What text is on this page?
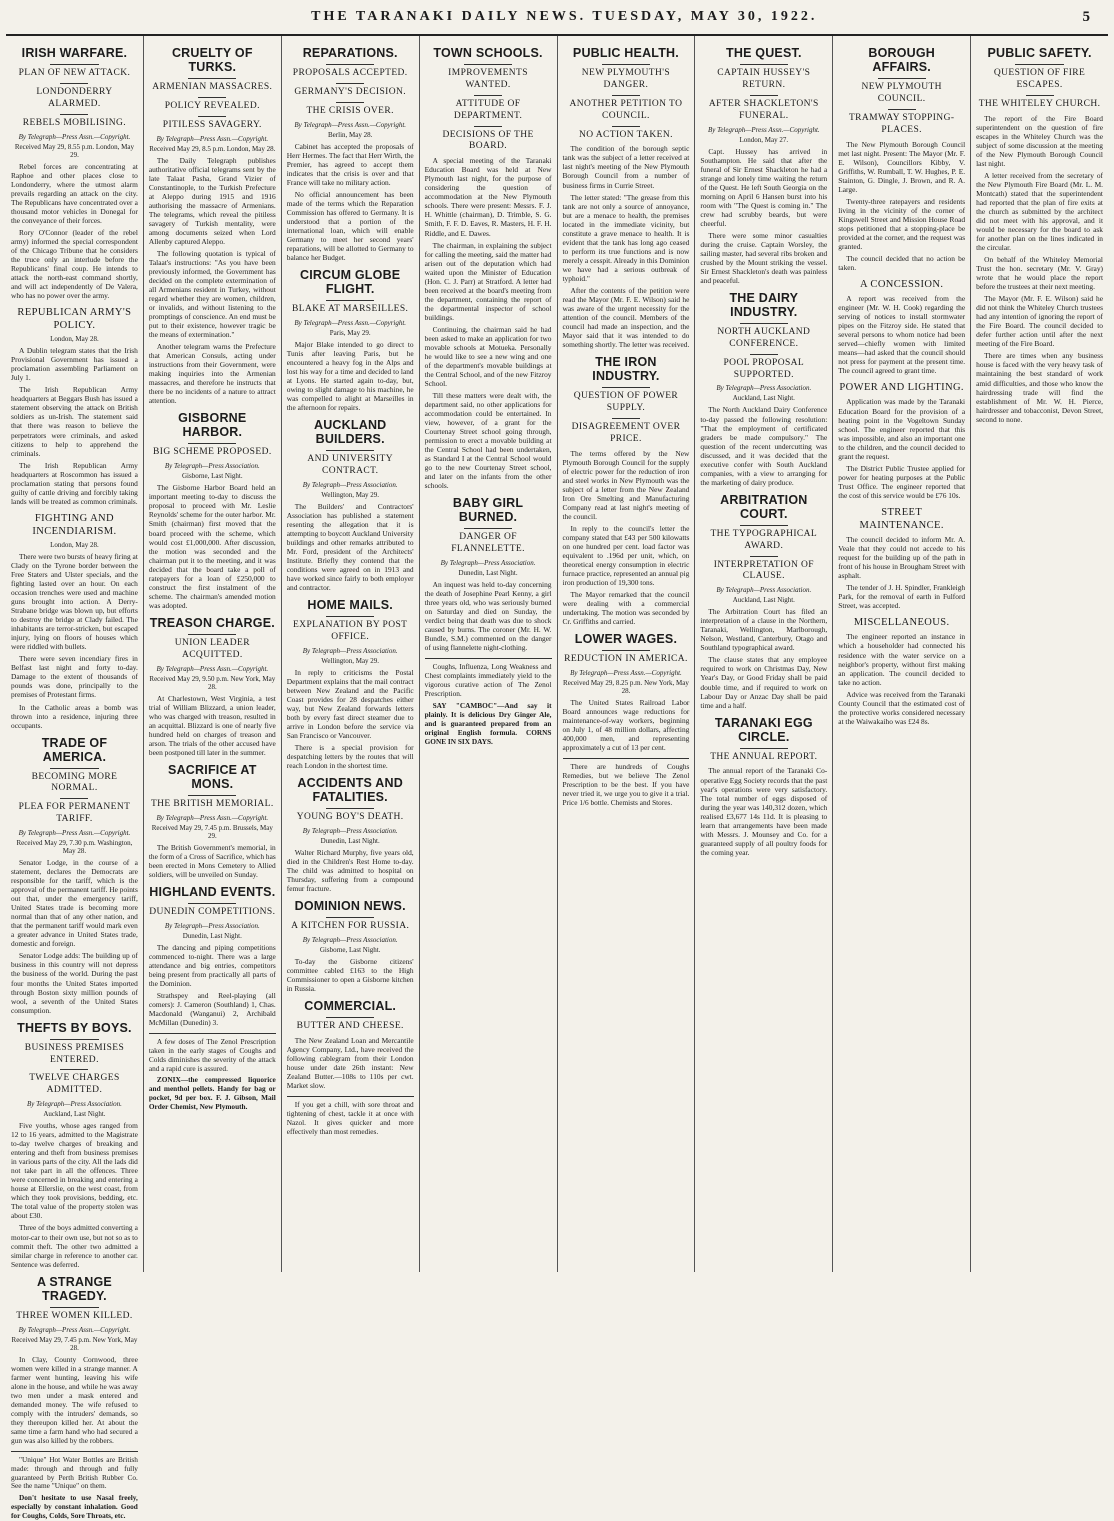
THE TARANAKI DAILY NEWS. TUESDAY, MAY 30, 1922.	5
IRISH WARFARE.
PLAN OF NEW ATTACK.
LONDONDERRY ALARMED.
REBELS MOBILISING.
By Telegraph—Press Assn.—Copyright.
Received May 29, 8.55 p.m. London, May 29.

Rebel forces are concentrating at Raphoe and other places close to Londonderry, where the utmost alarm prevails regarding an attack on the city. The Republicans have concentrated over a thousand motor vehicles in Donegal for the conveyance of their forces.

Rory O'Connor (leader of the rebel army) informed the special correspondent of the Chicago Tribune that he considers the truce only an interlude before the Republicans' final coup. He intends to attack the north-east command shortly, and will act independently of De Valera, who has no power over the army.

REPUBLICAN ARMY'S POLICY.
London, May 28.

A Dublin telegram states that the Irish Provisional Government has issued a proclamation assembling Parliament on July 1.

The Irish Republican Army headquarters at Beggars Bush has issued a statement observing the attack on British soldiers as un-Irish. The statement said that there was reason to believe the perpetrators were criminals, and asked citizens to help to apprehend the criminals.

The Irish Republican Army headquarters at Roscommon has issued a proclamation stating that persons found guilty of cattle driving and forcibly taking lands will be treated as common criminals.

FIGHTING AND INCENDIARISM.
London, May 28.

There were two bursts of heavy firing at Clady on the Tyrone border between the Free Staters and Ulster specials, and the fighting lasted over an hour. On each occasion trenches were used and machine guns brought into action. A Derry-Strabane bridge was blown up, but efforts to destroy the bridge at Clady failed. The inhabitants are terror-stricken, but escaped injury, lying on floors of houses which were riddled with bullets.

There were seven incendiary fires in Belfast last night and forty to-day. Damage to the extent of thousands of pounds was done, principally to the premises of Protestant firms.

In the Catholic areas a bomb was thrown into a residence, injuring three occupants.

TRADE OF AMERICA.
BECOMING MORE NORMAL.
PLEA FOR PERMANENT TARIFF.
By Telegraph—Press Assn.—Copyright.
Received May 29, 7.30 p.m. Washington, May 28.

Senator Lodge, in the course of a statement, declares the Democrats are responsible for the tariff, which is the approval of the permanent tariff. He points out that, under the emergency tariff, United States trade is becoming more normal than that of any other nation, and that the permanent tariff would mark even a greater advance in United States trade, domestic and foreign.

Senator Lodge adds: The building up of business in this country will not depress the business of the world. During the past four months the United States imported through Boston sixty million pounds of wool, a seventh of the United States consumption.

THEFTS BY BOYS.
BUSINESS PREMISES ENTERED.
TWELVE CHARGES ADMITTED.
By Telegraph—Press Association.
Auckland, Last Night.

Five youths, whose ages ranged from 12 to 16 years, admitted to the Magistrate to-day twelve charges of breaking and entering and theft from business premises in various parts of the city. All the lads did not take part in all the offences. Three were concerned in breaking and entering a house at Ellerslie, on the west coast, from which they took provisions, bedding, etc. The total value of the property stolen was about £30.

Three of the boys admitted converting a motor-car to their own use, but not so as to commit theft. The other two admitted a similar charge in reference to another car. Sentence was deferred.

A STRANGE TRAGEDY.
THREE WOMEN KILLED.
By Telegraph—Press Assn.—Copyright.
Received May 29, 7.45 p.m. New York, May 28.

In Clay, County Cornwood, three women were killed in a strange manner. A farmer went hunting, leaving his wife alone in the house, and while he was away two men under a mask entered and demanded money. The wife refused to comply with the intruders' demands, so they thereupon killed her. At about the same time a farm hand who had secured a gun was also killed by the robbers.

"Unique" Hot Water Bottles are British made: through and through and fully guaranteed by Perth British Rubber Co. See the name "Unique" on them.

Don't hesitate to use Nasal freely, especially by constant inhalation. Good for Coughs, Colds, Sore Throats, etc.

CRUELTY OF TURKS.
ARMENIAN MASSACRES.
POLICY REVEALED.
PITILESS SAVAGERY.
By Telegraph—Press Assn.—Copyright.
Received May 29, 8.5 p.m. London, May 28.

The Daily Telegraph publishes authoritative official telegrams sent by the late Talaat Pasha, Grand Vizier of Constantinople, to the Turkish Prefecture at Aleppo during 1915 and 1916 authorising the massacre of Armenians. The telegrams, which reveal the pitiless savagery of Turkish mentality, were among documents seized when Lord Allenby captured Aleppo.

The following quotation is typical of Talaat's instructions: "As you have been previously informed, the Government has decided on the complete extermination of all Armenians resident in Turkey, without regard whether they are women, children, or invalids, and without listening to the promptings of conscience. An end must be put to their existence, however tragic be the means of extermination."

Another telegram warns the Prefecture that American Consuls, acting under instructions from their Government, were making inquiries into the Armenian massacres, and therefore he instructs that there be no incidents of a nature to attract attention.

GISBORNE HARBOR.
BIG SCHEME PROPOSED.
By Telegraph—Press Association.
Gisborne, Last Night.

The Gisborne Harbor Board held an important meeting to-day to discuss the proposal to proceed with Mr. Leslie Reynolds' scheme for the outer harbor. Mr. Smith (chairman) first moved that the board proceed with the scheme, which would cost £1,000,000. After discussion, the motion was seconded and the chairman put it to the meeting, and it was decided that the board take a poll of ratepayers for a loan of £250,000 to construct the first instalment of the scheme. The chairman's amended motion was adopted.

TREASON CHARGE.
UNION LEADER ACQUITTED.
By Telegraph—Press Assn.—Copyright.
Received May 29, 9.50 p.m. New York, May 28.

At Charlestown, West Virginia, a test trial of William Blizzard, a union leader, who was charged with treason, resulted in an acquittal. Blizzard is one of nearly five hundred held on charges of treason and arson. The trials of the other accused have been postponed till later in the summer.

SACRIFICE AT MONS.
THE BRITISH MEMORIAL.
By Telegraph—Press Assn.—Copyright.
Received May 29, 7.45 p.m. Brussels, May 29.

The British Government's memorial, in the form of a Cross of Sacrifice, which has been erected in Mons Cemetery to Allied soldiers, will be unveiled on Sunday.

HIGHLAND EVENTS.
DUNEDIN COMPETITIONS.
By Telegraph—Press Association.
Dunedin, Last Night.

The dancing and piping competitions commenced to-night. There was a large attendance and big entries, competitors being present from practically all parts of the Dominion.

Strathspey and Reel-playing (all comers): J. Cameron (Southland) 1, Chas. Macdonald (Wanganui) 2, Archibald McMillan (Dunedin) 3.

A few doses of The Zenol Prescription taken in the early stages of Coughs and Colds diminishes the severity of the attack and a rapid cure is assured.

ZONIX—the compressed liquorice and menthol pellets. Handy for bag or pocket, 9d per box. F. J. Gibson, Mail Order Chemist, New Plymouth.

REPARATIONS.
PROPOSALS ACCEPTED.
GERMANY'S DECISION.
THE CRISIS OVER.
By Telegraph—Press Assn.—Copyright.
Berlin, May 28.

Cabinet has accepted the proposals of Herr Hermes. The fact that Herr Wirth, the Premier, has agreed to accept them indicates that the crisis is over and that France will take no military action.

No official announcement has been made of the terms which the Reparation Commission has offered to Germany. It is understood that a portion of the international loan, which will enable Germany to meet her second years' reparations, will be allotted to Germany to balance her Budget.

CIRCUM GLOBE FLIGHT.
BLAKE AT MARSEILLES.
By Telegraph—Press Assn.—Copyright.
Paris, May 29.

Major Blake intended to go direct to Tunis after leaving Paris, but he encountered a heavy fog in the Alps and lost his way for a time and decided to land at Lyons. He started again to-day, but, owing to slight damage to his machine, he was compelled to alight at Marseilles in the afternoon for repairs.

AUCKLAND BUILDERS.
AND UNIVERSITY CONTRACT.
By Telegraph—Press Association.
Wellington, May 29.

The Builders' and Contractors' Association has published a statement resenting the allegation that it is attempting to boycott Auckland University buildings and other remarks attributed to Mr. Ford, president of the Architects' Institute. Briefly they contend that the conditions were agreed on in 1913 and have worked since fairly to both employer and contractor.

HOME MAILS.
EXPLANATION BY POST OFFICE.
By Telegraph—Press Association.
Wellington, May 29.

In reply to criticisms the Postal Department explains that the mail contract between New Zealand and the Pacific Coast provides for 28 despatches either way, but New Zealand forwards letters both by every fast direct steamer due to arrive in London before the service via San Francisco or Vancouver.

There is a special provision for despatching letters by the routes that will reach London in the shortest time.

ACCIDENTS AND FATALITIES.
YOUNG BOY'S DEATH.
By Telegraph—Press Association.
Dunedin, Last Night.

Walter Richard Murphy, five years old, died in the Children's Rest Home to-day. The child was admitted to hospital on Thursday, suffering from a compound femur fracture.

DOMINION NEWS.
A KITCHEN FOR RUSSIA.
By Telegraph—Press Association.
Gisborne, Last Night.

To-day the Gisborne citizens' committee cabled £163 to the High Commissioner to open a Gisborne kitchen in Russia.

COMMERCIAL.
BUTTER AND CHEESE.

The New Zealand Loan and Mercantile Agency Company, Ltd., have received the following cablegram from their London house under date 26th instant: New Zealand Butter.—108s to 110s per cwt. Market slow.

If you get a chill, with sore throat and tightening of chest, tackle it at once with Nazol. It gives quicker and more effectively than most remedies.

TOWN SCHOOLS.
IMPROVEMENTS WANTED.
ATTITUDE OF DEPARTMENT.
DECISIONS OF THE BOARD.

A special meeting of the Taranaki Education Board was held at New Plymouth last night, for the purpose of considering the question of accommodation at the New Plymouth schools. There were present: Messrs. F. J. H. Whittle (chairman), D. Trimble, S. G. Smith, F. F. D. Eaves, R. Masters, H. F. H. Riddle, and E. Dawes.

The chairman, in explaining the subject for calling the meeting, said the matter had arisen out of the deputation which had waited upon the Minister of Education (Hon. C. J. Parr) at Stratford. A letter had been received at the board's meeting from the department, containing the report of the departmental inspector of school buildings.

Continuing, the chairman said he had been asked to make an application for two movable schools at Motueka. Personally he would like to see a new wing and one of the department's movable buildings at the Central School, and of the new Fitzroy School.

Till these matters were dealt with, the department said, no other applications for accommodation could be entertained. In view, however, of a grant for the Courtenay Street school going through, permission to erect a movable building at the Central School had been undertaken, as Standard I at the Central School would go to the new Courtenay Street school, and later on the infants from the other schools.

BABY GIRL BURNED.
DANGER OF FLANNELETTE.
By Telegraph—Press Association.
Dunedin, Last Night.

An inquest was held to-day concerning the death of Josephine Pearl Kenny, a girl three years old, who was seriously burned on Saturday and died on Sunday, the verdict being that death was due to shock caused by burns. The coroner (Mr. H. W. Bundle, S.M.) commented on the danger of using flannelette night-clothing.

Coughs, Influenza, Long Weakness and Chest complaints immediately yield to the vigorous curative action of The Zenol Prescription.

SAY "CAMBOC"—And say it plainly. It is delicious Dry Ginger Ale, and is guaranteed prepared from an original English formula. CORNS GONE IN SIX DAYS.

PUBLIC HEALTH.
NEW PLYMOUTH'S DANGER.
ANOTHER PETITION TO COUNCIL.
NO ACTION TAKEN.

The condition of the borough septic tank was the subject of a letter received at last night's meeting of the New Plymouth Borough Council from a number of business firms in Currie Street.

The letter stated: "The grease from this tank are not only a source of annoyance, but are a menace to health, the premises located in the immediate vicinity, but constitute a grave menace to health. It is evident that the tank has long ago ceased to perform its true functions and is now merely a cesspit. Already in this Dominion we have had a serious outbreak of typhoid."

After the contents of the petition were read the Mayor (Mr. F. E. Wilson) said he was aware of the urgent necessity for the attention of the council. Members of the council had made an inspection, and the Mayor said that it was intended to do something shortly. The letter was received.

THE IRON INDUSTRY.
QUESTION OF POWER SUPPLY.
DISAGREEMENT OVER PRICE.

The terms offered by the New Plymouth Borough Council for the supply of electric power for the reduction of iron and steel works in New Plymouth was the subject of a letter from the New Zealand Iron Ore Smelting and Manufacturing Company read at last night's meeting of the council.

In reply to the council's letter the company stated that £43 per 500 kilowatts on one hundred per cent. load factor was equivalent to .196d per unit, which, on theoretical energy consumption in electric furnace practice, represented an annual pig iron production of 19,300 tons.

The Mayor remarked that the council were dealing with a commercial undertaking. The motion was seconded by Cr. Griffiths and carried.

LOWER WAGES.
REDUCTION IN AMERICA.
By Telegraph—Press Assn.—Copyright.
Received May 29, 8.25 p.m. New York, May 28.

The United States Railroad Labor Board announces wage reductions for maintenance-of-way workers, beginning on July 1, of 48 million dollars, affecting 400,000 men, and representing approximately a cut of 13 per cent.

There are hundreds of Coughs Remedies, but we believe The Zenol Prescription to be the best. If you have never tried it, we urge you to give it a trial. Price 1/6 bottle. Chemists and Stores.

THE QUEST.
CAPTAIN HUSSEY'S RETURN.
AFTER SHACKLETON'S FUNERAL.
By Telegraph—Press Assn.—Copyright.
London, May 27.

Capt. Hussey has arrived in Southampton. He said that after the funeral of Sir Ernest Shackleton he had a strange and lonely time waiting the return of the Quest. He left South Georgia on the morning on April 6 Hansen burst into his room with "The Quest is coming in." The crew had scrubby beards, but were cheerful.

There were some minor casualties during the cruise. Captain Worsley, the sailing master, had several ribs broken and crushed by the Mount striking the vessel. Sir Ernest Shackleton's death was painless and peaceful.

THE DAIRY INDUSTRY.
NORTH AUCKLAND CONFERENCE.
POOL PROPOSAL SUPPORTED.
By Telegraph—Press Association.
Auckland, Last Night.

The North Auckland Dairy Conference to-day passed the following resolution: "That the employment of certificated graders be made compulsory." The question of the recent undercutting was discussed, and it was decided that the executive confer with South Auckland companies, with a view to arranging for the marketing of dairy produce.

ARBITRATION COURT.
THE TYPOGRAPHICAL AWARD.
INTERPRETATION OF CLAUSE.
By Telegraph—Press Association.
Auckland, Last Night.

The Arbitration Court has filed an interpretation of a clause in the Northern, Taranaki, Wellington, Marlborough, Nelson, Westland, Canterbury, Otago and Southland typographical award.

The clause states that any employee required to work on Christmas Day, New Year's Day, or Good Friday shall be paid double time, and if required to work on Labour Day or Anzac Day shall be paid time and a half.

TARANAKI EGG CIRCLE.
THE ANNUAL REPORT.

The annual report of the Taranaki Co-operative Egg Society records that the past year's operations were very satisfactory. The total number of eggs disposed of during the year was 140,312 dozen, which realised £3,677 14s 11d. It is pleasing to learn that arrangements have been made with Messrs. J. Mounsey and Co. for a guaranteed supply of all poultry foods for the coming year.

BOROUGH AFFAIRS.
NEW PLYMOUTH COUNCIL.
TRAMWAY STOPPING-PLACES.

The New Plymouth Borough Council met last night. Present: The Mayor (Mr. F. E. Wilson), Councillors Kibby, V. Griffiths, W. Rumball, T. W. Hughes, P. E. Stainton, G. Dingle, J. Brown, and R. A. Large.

Twenty-three ratepayers and residents living in the vicinity of the corner of Kingswell Street and Mission House Road stops petitioned that a stopping-place be provided at the corner, and the request was granted.

The council decided that no action be taken.

A CONCESSION.

A report was received from the engineer (Mr. W. H. Cook) regarding the serving of notices to install stormwater pipes on the Fitzroy side. He stated that several persons to whom notice had been served—chiefly women with limited means—had asked that the council should not press for payment at the present time. The council agreed to grant time.

POWER AND LIGHTING.

Application was made by the Taranaki Education Board for the provision of a heating point in the Vogeltown Sunday school. The engineer reported that this was impossible, and also an important one to the children, and the council decided to grant the request.

The District Public Trustee applied for power for heating purposes at the Public Trust Office. The engineer reported that the cost of this service would be £76 10s.

STREET MAINTENANCE.

The council decided to inform Mr. A. Veale that they could not accede to his request for the building up of the path in front of his house in Brougham Street with asphalt.

The tender of J. H. Spindler, Frankleigh Park, for the removal of earth in Fulford Street, was accepted.

MISCELLANEOUS.

The engineer reported an instance in which a householder had connected his residence with the water service on a neighbor's property, without first making an application. The council decided to take no action.

Advice was received from the Taranaki County Council that the estimated cost of the protective works considered necessary at the Waiwakaiho was £24 8s.

PUBLIC SAFETY.
QUESTION OF FIRE ESCAPES.
THE WHITELEY CHURCH.

The report of the Fire Board superintendent on the question of fire escapes in the Whiteley Church was the subject of some discussion at the meeting of the New Plymouth Borough Council last night.

A letter received from the secretary of the New Plymouth Fire Board (Mr. L. M. Montcath) stated that the superintendent had reported that the plan of fire exits at the church as submitted by the architect did not meet with his approval, and it would be necessary for the board to ask for another plan on the lines indicated in the circular.

On behalf of the Whiteley Memorial Trust the hon. secretary (Mr. V. Gray) wrote that he would place the report before the trustees at their next meeting.

The Mayor (Mr. F. E. Wilson) said he did not think the Whiteley Church trustees had any intention of ignoring the report of the Fire Board. The council decided to defer further action until after the next meeting of the Fire Board.

There are times when any business house is faced with the very heavy task of maintaining the best standard of work amid difficulties, and those who know the hairdressing trade will find the establishment of Mr. W. H. Pierce, hairdresser and tobacconist, Devon Street, second to none.
